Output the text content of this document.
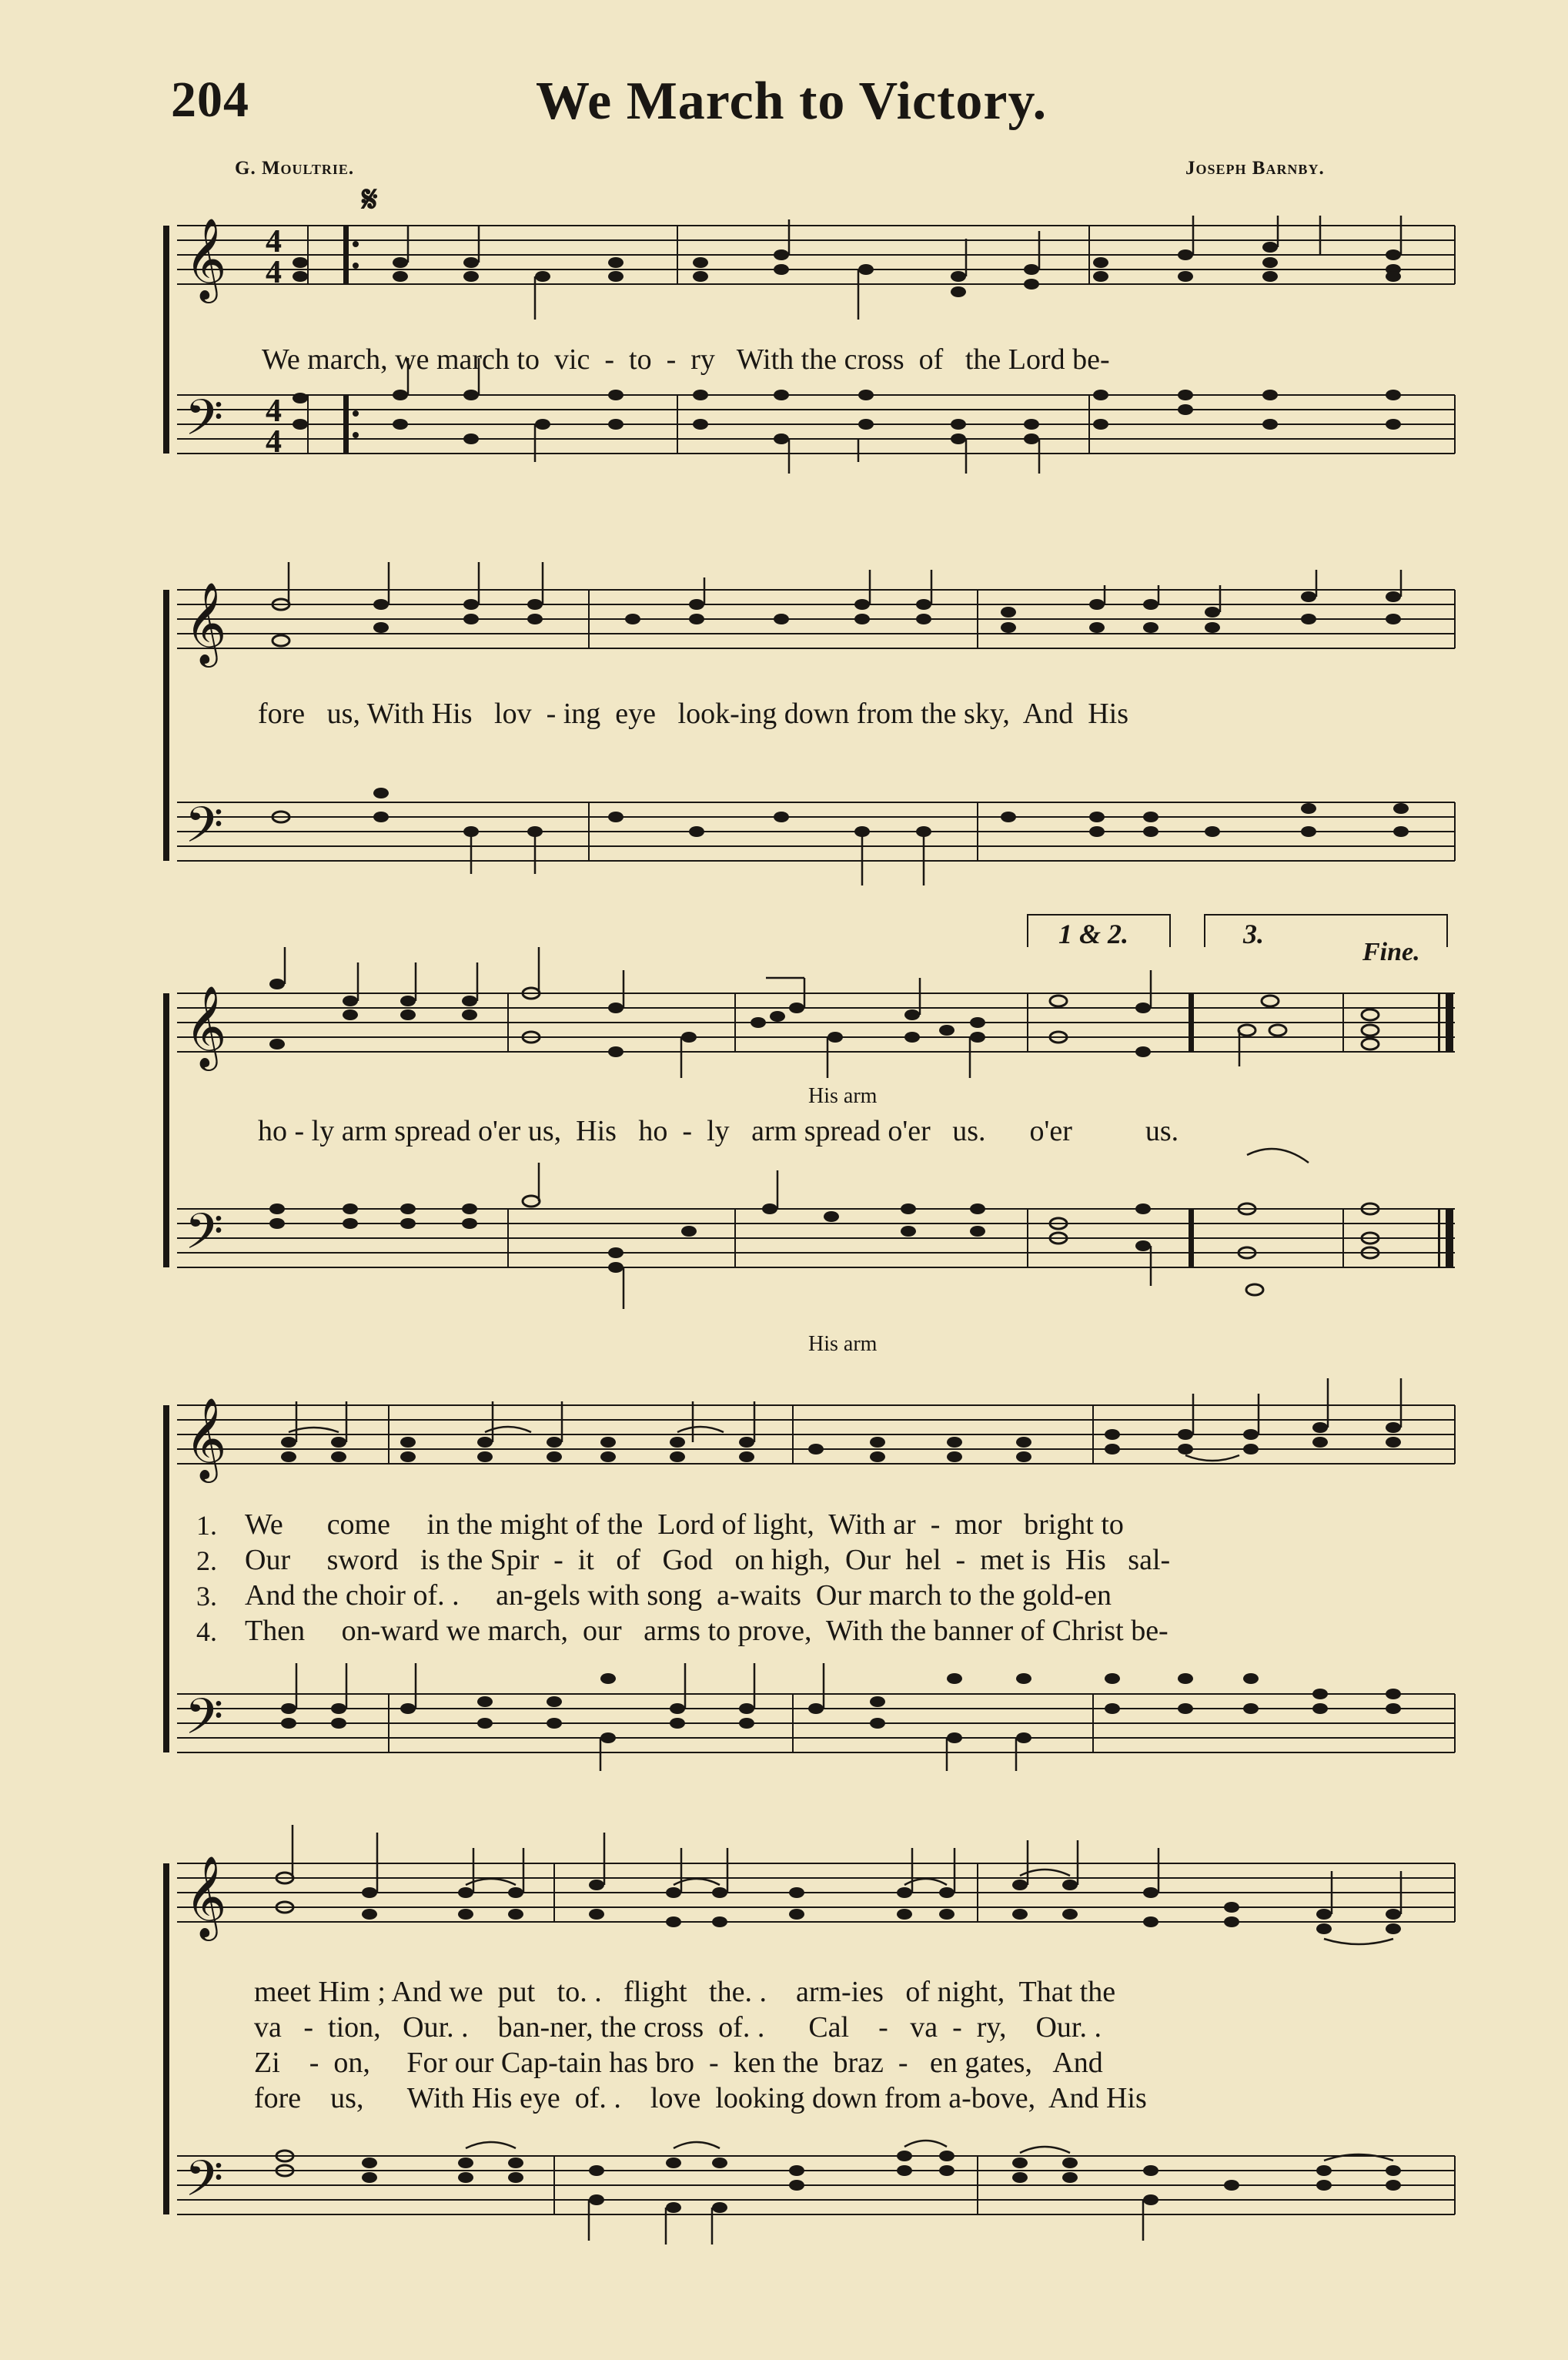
204	We March to Victory.
G. Moultrie.	Joseph Barnby.
𝄋
𝄞
𝄢
4
4
4
4
We march, we march to  vic  -  to  -  ry   With the cross  of   the Lord be-
𝄞
𝄢
fore   us, With His   lov  - ing  eye   look-ing down from the sky,  And  His
𝄞
𝄢
1 & 2.	3.
Fine.
His arm
ho - ly arm spread o'er us,  His   ho  -  ly   arm spread o'er   us.      o'er          us.
His arm
𝄞
𝄢
1. We      come     in the might of the  Lord of light,  With ar  -  mor   bright to
2. Our     sword   is the Spir  -  it   of   God   on high,  Our  hel  -  met is  His   sal-
3. And the choir of. .     an-gels with song  a-waits  Our march to the gold-en
4. Then     on-ward we march,  our   arms to prove,  With the banner of Christ be-
𝄞
𝄢
meet Him ; And we  put   to. .   flight   the. .    arm-ies   of night,  That the
va   -  tion,   Our. .    ban-ner, the cross  of. .      Cal    -   va  -  ry,    Our. .
Zi    -  on,     For our Cap-tain has bro  -  ken the  braz  -   en gates,   And
fore    us,      With His eye  of. .    love  looking down from a-bove,  And His
